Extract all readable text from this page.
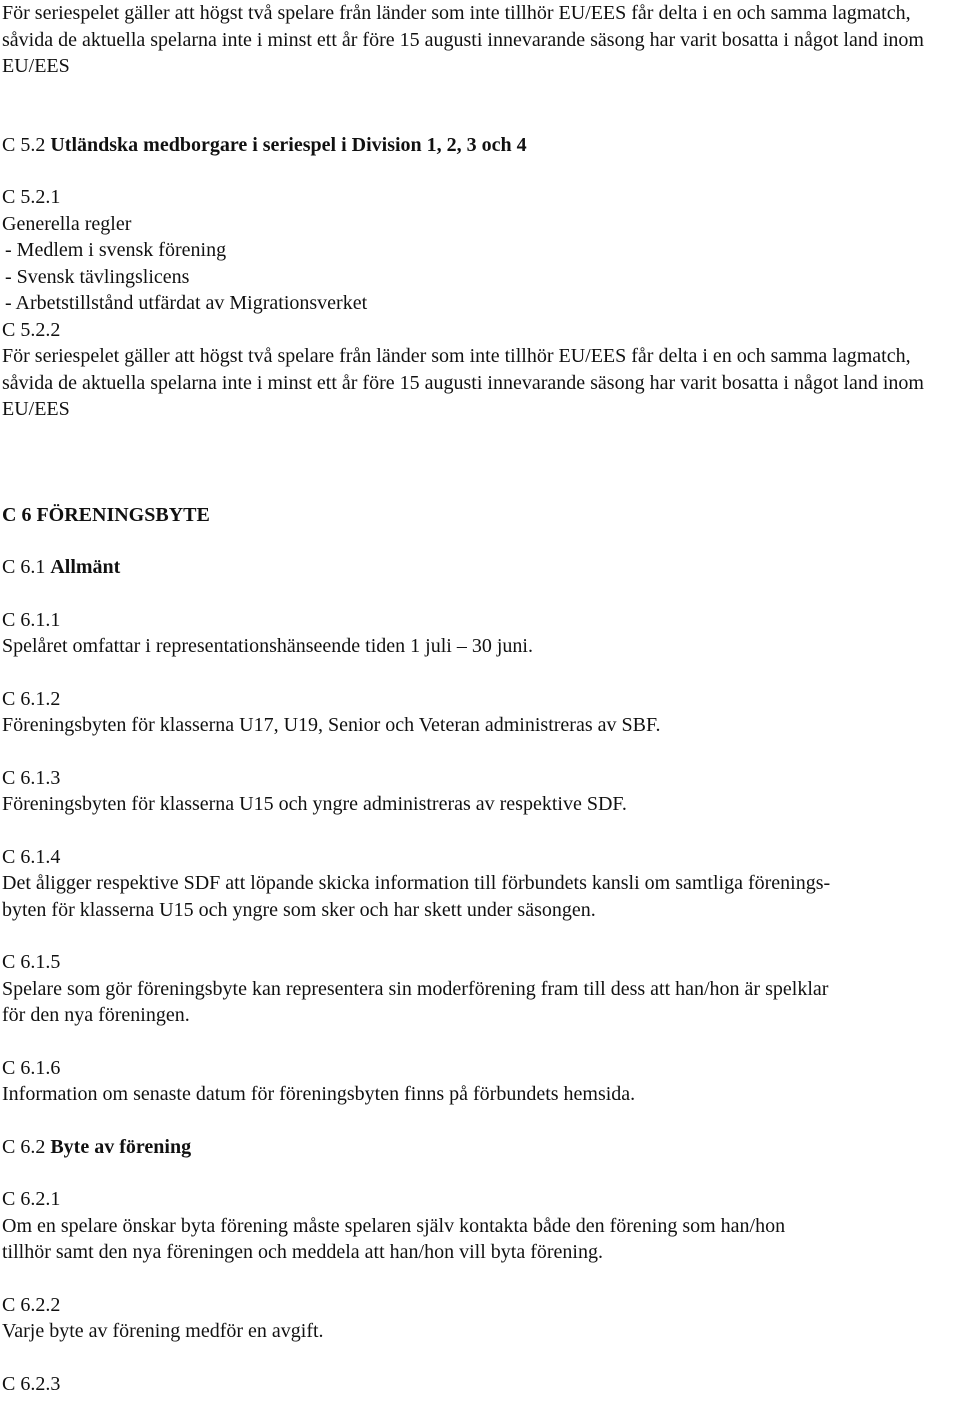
För seriespelet gäller att högst två spelare från länder som inte tillhör EU/EES får delta i en och samma lagmatch, såvida de aktuella spelarna inte i minst ett år före 15 augusti innevarande säsong har varit bosatta i något land inom EU/EES

C 5.2 Utländska medborgare i seriespel i Division 1, 2, 3 och 4
C 5.2.1
Generella regler
- Medlem i svensk förening
- Svensk tävlingslicens
- Arbetstillstånd utfärdat av Migrationsverket
C 5.2.2

För seriespelet gäller att högst två spelare från länder som inte tillhör EU/EES får delta i en och samma lagmatch, såvida de aktuella spelarna inte i minst ett år före 15 augusti innevarande säsong har varit bosatta i något land inom EU/EES

C 6 FÖRENINGSBYTE
C 6.1 Allmänt
C 6.1.1
Spelåret omfattar i representationshänseende tiden 1 juli – 30 juni.
C 6.1.2
Föreningsbyten för klasserna U17, U19, Senior och Veteran administreras av SBF.
C 6.1.3
Föreningsbyten för klasserna U15 och yngre administreras av respektive SDF.
C 6.1.4
Det åligger respektive SDF att löpande skicka information till förbundets kansli om samtliga förenings-
byten för klasserna U15 och yngre som sker och har skett under säsongen.
C 6.1.5
Spelare som gör föreningsbyte kan representera sin moderförening fram till dess att han/hon är spelklar
för den nya föreningen.
C 6.1.6
Information om senaste datum för föreningsbyten finns på förbundets hemsida.
C 6.2 Byte av förening
C 6.2.1
Om en spelare önskar byta förening måste spelaren själv kontakta både den förening som han/hon
tillhör samt den nya föreningen och meddela att han/hon vill byta förening.
C 6.2.2
Varje byte av förening medför en avgift.
C 6.2.3
